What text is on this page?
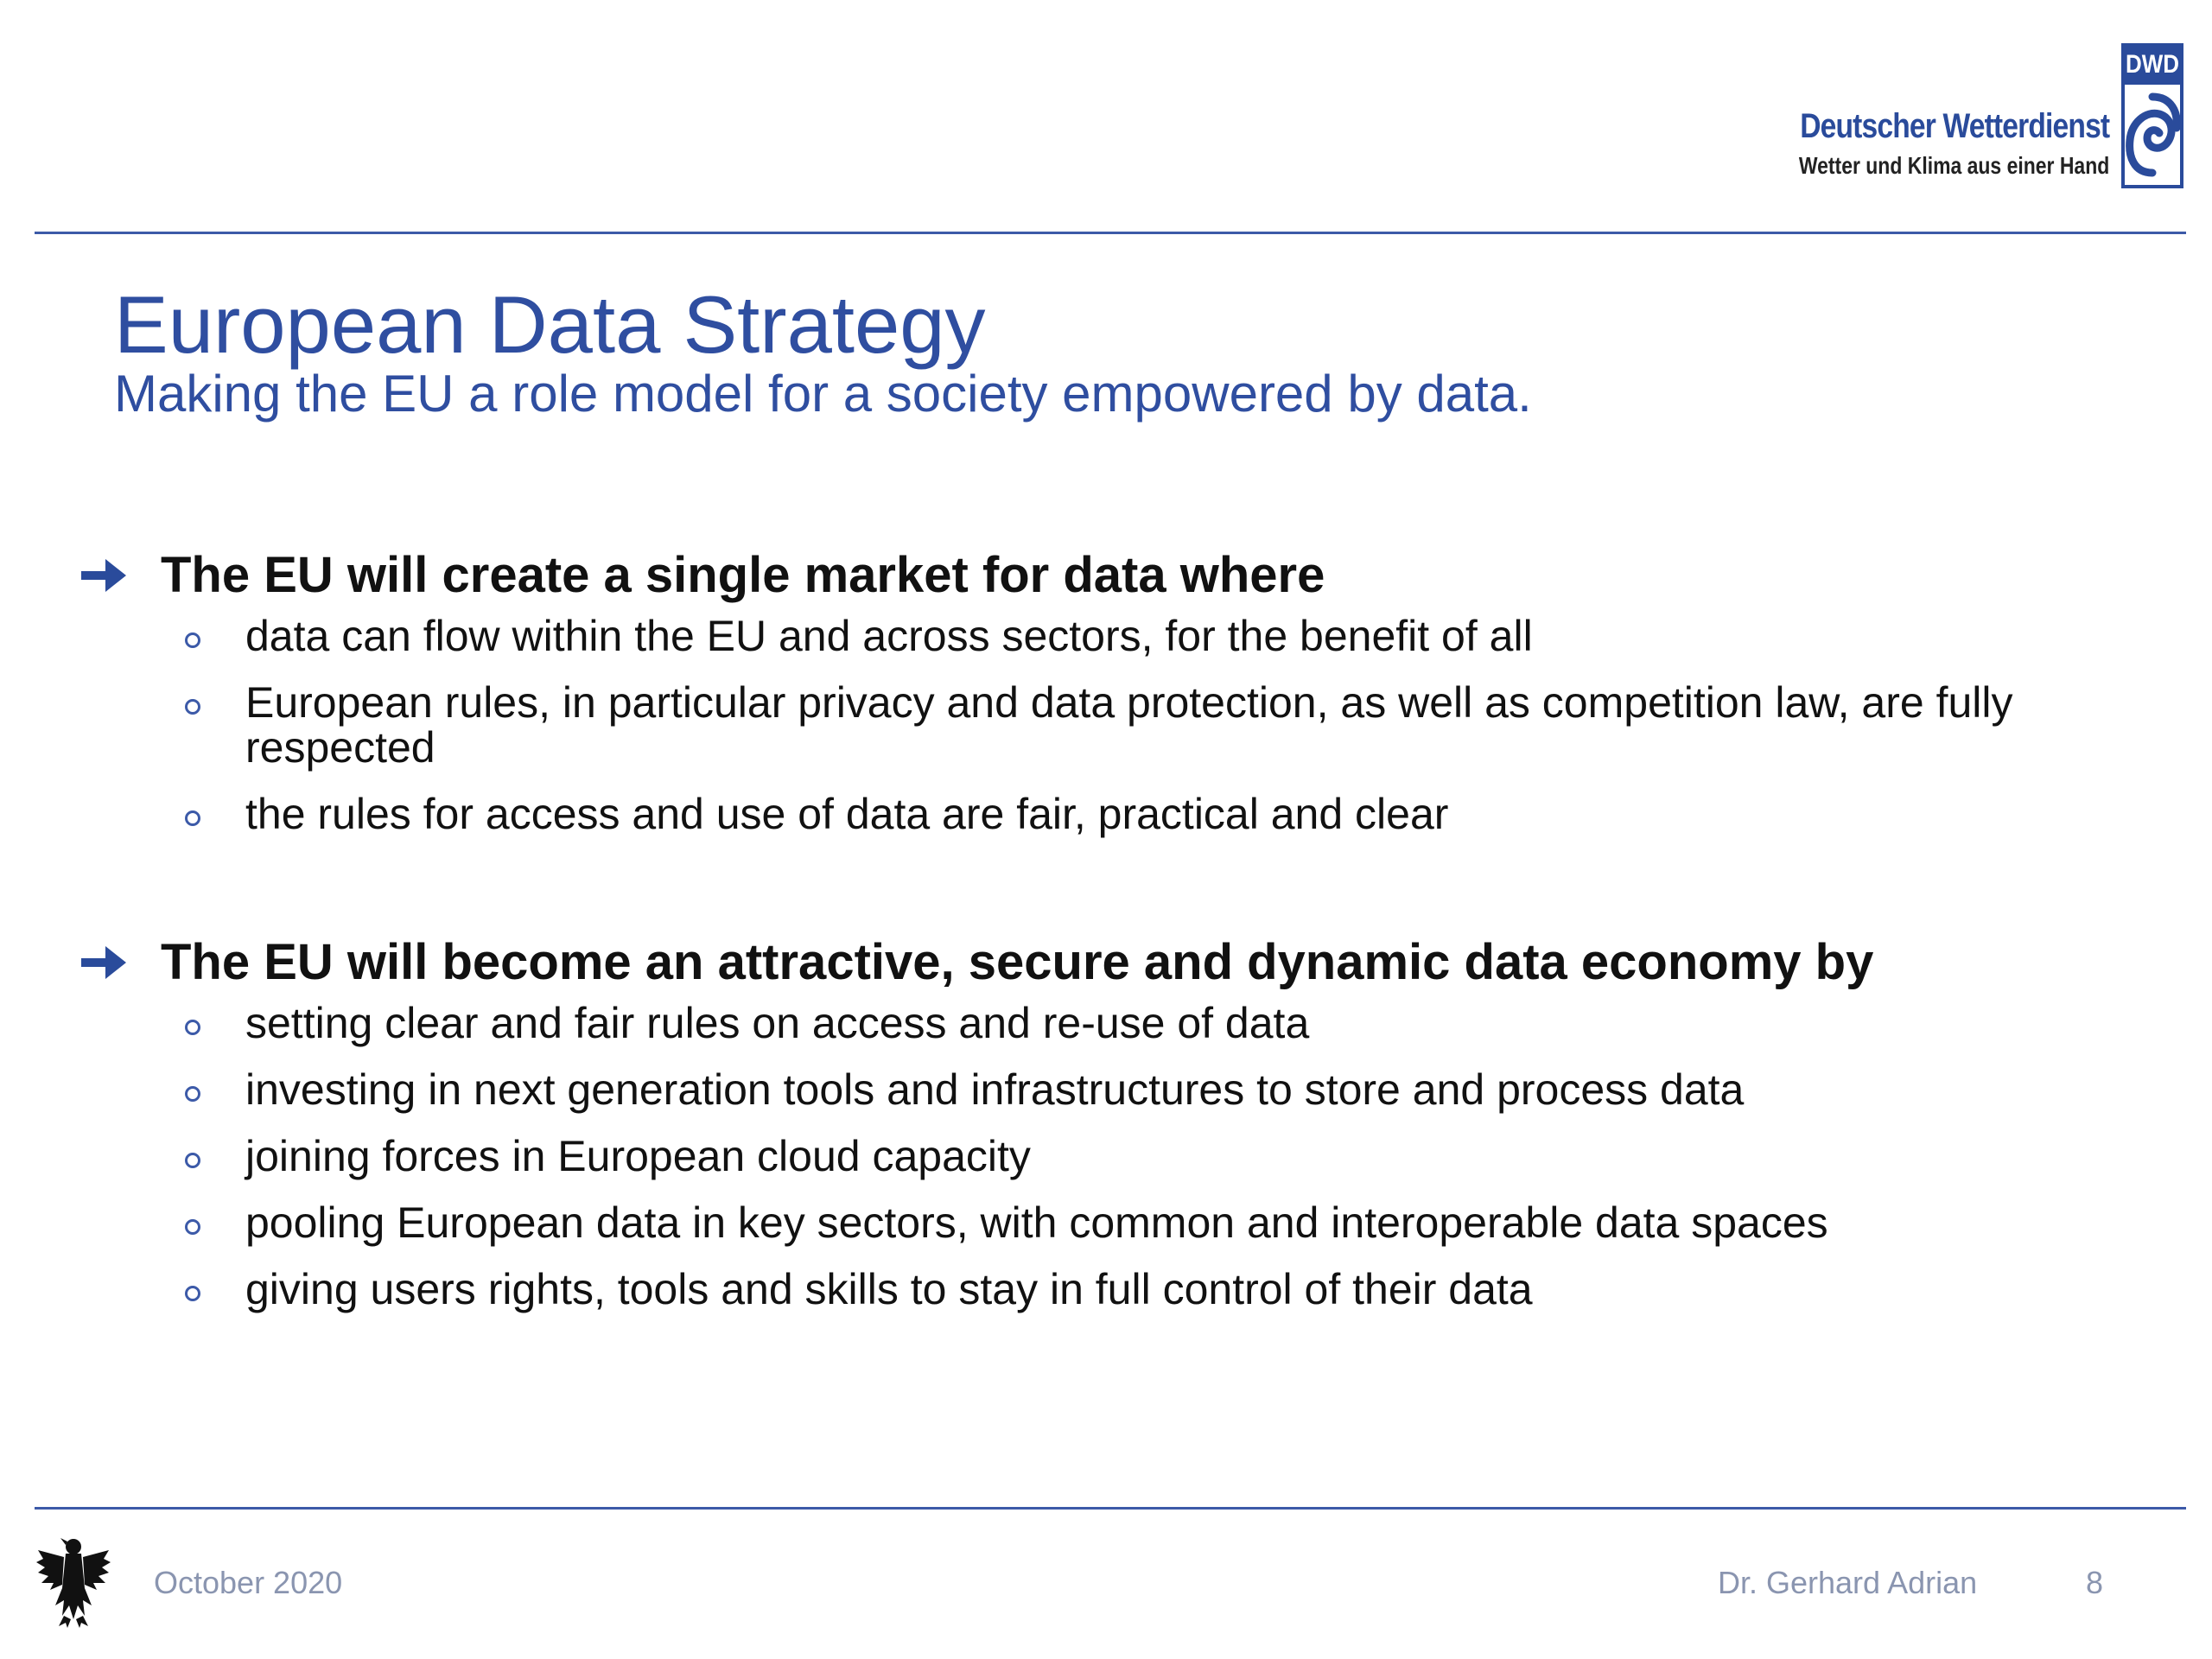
Deutscher Wetterdienst
Wetter und Klima aus einer Hand
DWD
European Data Strategy
Making the EU a role model for a society empowered by data.
The EU will create a single market for data where
data can flow within the EU and across sectors, for the benefit of all
European rules, in particular privacy and data protection, as well as competition law, are fully respected
the rules for access and use of data are fair, practical and clear
The EU will become an attractive, secure and dynamic data economy by
setting clear and fair rules on access and re-use of data
investing in next generation tools and infrastructures to store and process data
joining forces in European cloud capacity
pooling European data in key sectors, with common and interoperable data spaces
giving users rights, tools and skills to stay in full control of their data
October 2020	Dr. Gerhard Adrian	8
